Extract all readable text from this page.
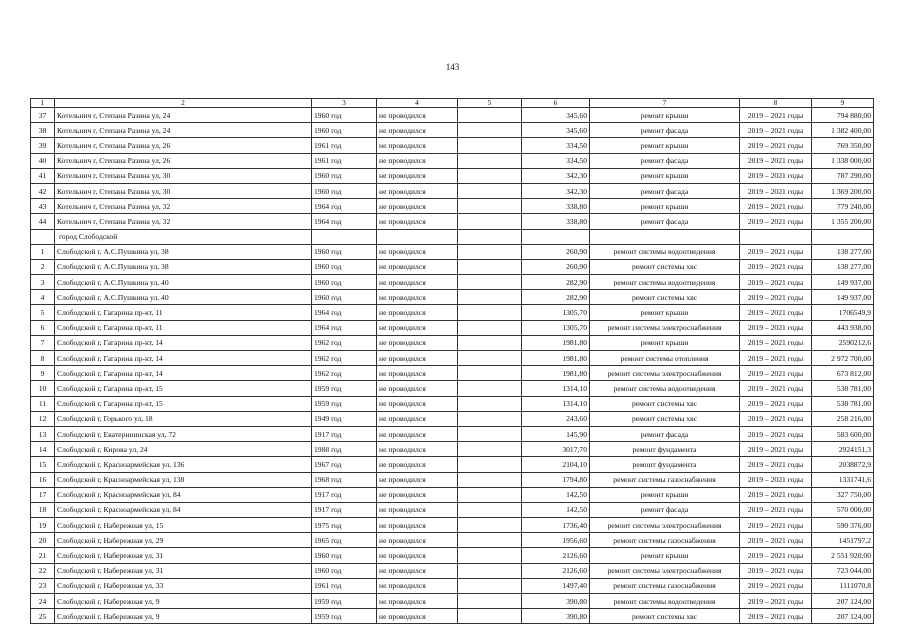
143
1	2	3	4	5	6	7	8	9
37	Котельнич г, Степана Разина ул, 24	1960 год	не проводился		345,60	ремонт крыши	2019 – 2021 годы	794 880,00
38	Котельнич г, Степана Разина ул, 24	1960 год	не проводился		345,60	ремонт фасада	2019 – 2021 годы	1 382 400,00
39	Котельнич г, Степана Разина ул, 26	1961 год	не проводился		334,50	ремонт крыши	2019 – 2021 годы	769 350,00
40	Котельнич г, Степана Разина ул, 26	1961 год	не проводился		334,50	ремонт фасада	2019 – 2021 годы	1 338 000,00
41	Котельнич г, Степана Разина ул, 30	1960 год	не проводился		342,30	ремонт крыши	2019 – 2021 годы	787 290,00
42	Котельнич г, Степана Разина ул, 30	1960 год	не проводился		342,30	ремонт фасада	2019 – 2021 годы	1 369 200,00
43	Котельнич г, Степана Разина ул, 32	1964 год	не проводился		338,80	ремонт крыши	2019 – 2021 годы	779 240,00
44	Котельнич г, Степана Разина ул, 32	1964 год	не проводился		338,80	ремонт фасада	2019 – 2021 годы	1 355 200,00
	город Слободской							
1	Слободской г, А.С.Пушкина ул, 38	1960 год	не проводился		260,90	ремонт системы водоотведения	2019 – 2021 годы	138 277,00
2	Слободской г, А.С.Пушкина ул, 38	1960 год	не проводился		260,90	ремонт системы хвс	2019 – 2021 годы	138 277,00
3	Слободской г, А.С.Пушкина ул, 40	1960 год	не проводился		282,90	ремонт системы водоотведения	2019 – 2021 годы	149 937,00
4	Слободской г, А.С.Пушкина ул, 40	1960 год	не проводился		282,90	ремонт системы хвс	2019 – 2021 годы	149 937,00
5	Слободской г, Гагарина пр-кт, 11	1964 год	не проводился		1305,70	ремонт крыши	2019 – 2021 годы	1706549,9
6	Слободской г, Гагарина пр-кт, 11	1964 год	не проводился		1305,70	ремонт системы электроснабжения	2019 – 2021 годы	443 938,00
7	Слободской г, Гагарина пр-кт, 14	1962 год	не проводился		1981,80	ремонт крыши	2019 – 2021 годы	2590212,6
8	Слободской г, Гагарина пр-кт, 14	1962 год	не проводился		1981,80	ремонт системы отопления	2019 – 2021 годы	2 972 700,00
9	Слободской г, Гагарина пр-кт, 14	1962 год	не проводился		1981,80	ремонт системы электроснабжения	2019 – 2021 годы	673 812,00
10	Слободской г, Гагарина пр-кт, 15	1959 год	не проводился		1314,10	ремонт системы водоотведения	2019 – 2021 годы	538 781,00
11	Слободской г, Гагарина пр-кт, 15	1959 год	не проводился		1314,10	ремонт системы хвс	2019 – 2021 годы	538 781,00
12	Слободской г, Горького ул, 18	1949 год	не проводился		243,60	ремонт системы хвс	2019 – 2021 годы	258 216,00
13	Слободской г, Екатерининская ул, 72	1917 год	не проводился		145,90	ремонт фасада	2019 – 2021 годы	583 600,00
14	Слободской г, Кирова ул, 24	1988 год	не проводился		3017,70	ремонт фундамента	2019 – 2021 годы	2924151,3
15	Слободской г, Красноармейская ул, 136	1967 год	не проводился		2104,10	ремонт фундамента	2019 – 2021 годы	2038872,9
16	Слободской г, Красноармейская ул, 138	1968 год	не проводился		1794,80	ремонт системы газоснабжения	2019 – 2021 годы	1331741,6
17	Слободской г, Красноармейская ул, 84	1917 год	не проводился		142,50	ремонт крыши	2019 – 2021 годы	327 750,00
18	Слободской г, Красноармейская ул, 84	1917 год	не проводился		142,50	ремонт фасада	2019 – 2021 годы	570 000,00
19	Слободской г, Набережная ул, 15	1975 год	не проводился		1736,40	ремонт системы электроснабжения	2019 – 2021 годы	590 376,00
20	Слободской г, Набережная ул, 29	1965 год	не проводился		1956,60	ремонт системы газоснабжения	2019 – 2021 годы	1451797,2
21	Слободской г, Набережная ул, 31	1960 год	не проводился		2126,60	ремонт крыши	2019 – 2021 годы	2 551 920,00
22	Слободской г, Набережная ул, 31	1960 год	не проводился		2126,60	ремонт системы электроснабжения	2019 – 2021 годы	723 044,00
23	Слободской г, Набережная ул, 33	1961 год	не проводился		1497,40	ремонт системы газоснабжения	2019 – 2021 годы	1111070,8
24	Слободской г, Набережная ул, 9	1959 год	не проводился		390,80	ремонт системы водоотведения	2019 – 2021 годы	207 124,00
25	Слободской г, Набережная ул, 9	1959 год	не проводился		390,80	ремонт системы хвс	2019 – 2021 годы	207 124,00
